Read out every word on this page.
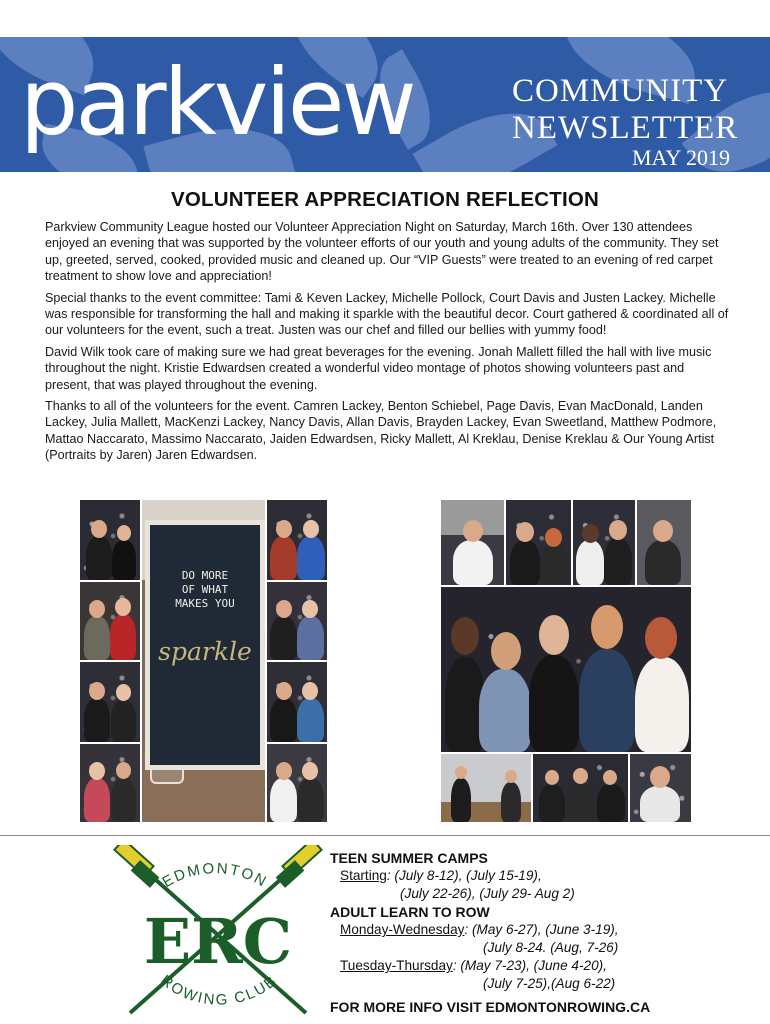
parkview	COMMUNITY
NEWSLETTER
MAY 2019
VOLUNTEER APPRECIATION REFLECTION

Parkview Community League hosted our Volunteer Appreciation Night on Saturday, March 16th. Over 130 attendees enjoyed an evening that was supported by the volunteer efforts of our youth and young adults of the community. They set up, greeted, served, cooked, provided music and cleaned up. Our “VIP Guests” were treated to an evening of red carpet treatment to show love and appreciation!

Special thanks to the event committee: Tami & Keven Lackey, Michelle Pollock, Court Davis and Justen Lackey. Michelle was responsible for transforming the hall and making it sparkle with the beautiful decor. Court gathered & coordinated all of our volunteers for the event, such a treat. Justen was our chef and filled our bellies with yummy food!

David Wilk took care of making sure we had great beverages for the evening. Jonah Mallett filled the hall with live music throughout the night. Kristie Edwardsen created a wonderful video montage of photos showing volunteers past and present, that was played throughout the evening.

Thanks to all of the volunteers for the event. Camren Lackey, Benton Schiebel, Page Davis, Evan MacDonald, Landen Lackey, Julia Mallett, MacKenzi Lackey, Nancy Davis, Allan Davis, Brayden Lackey, Evan Sweetland, Matthew Podmore, Mattao Naccarato, Massimo Naccarato, Jaiden Edwardsen, Ricky Mallett, Al Kreklau, Denise Kreklau & Our Young Artist (Portraits by Jaren) Jaren Edwardsen.

DO MORE
OF WHAT
MAKES YOU
sparkle
EDMONTON
ERC
ROWING CLUB
TEEN SUMMER CAMPS
Starting: (July 8-12), (July 15-19),
(July 22-26), (July 29- Aug 2)
ADULT LEARN TO ROW
Monday-Wednesday: (May 6-27), (June 3-19),
(July 8-24. (Aug, 7-26)
Tuesday-Thursday: (May 7-23), (June 4-20),
(July 7-25),(Aug 6-22)
FOR MORE INFO VISIT EDMONTONROWING.CA
